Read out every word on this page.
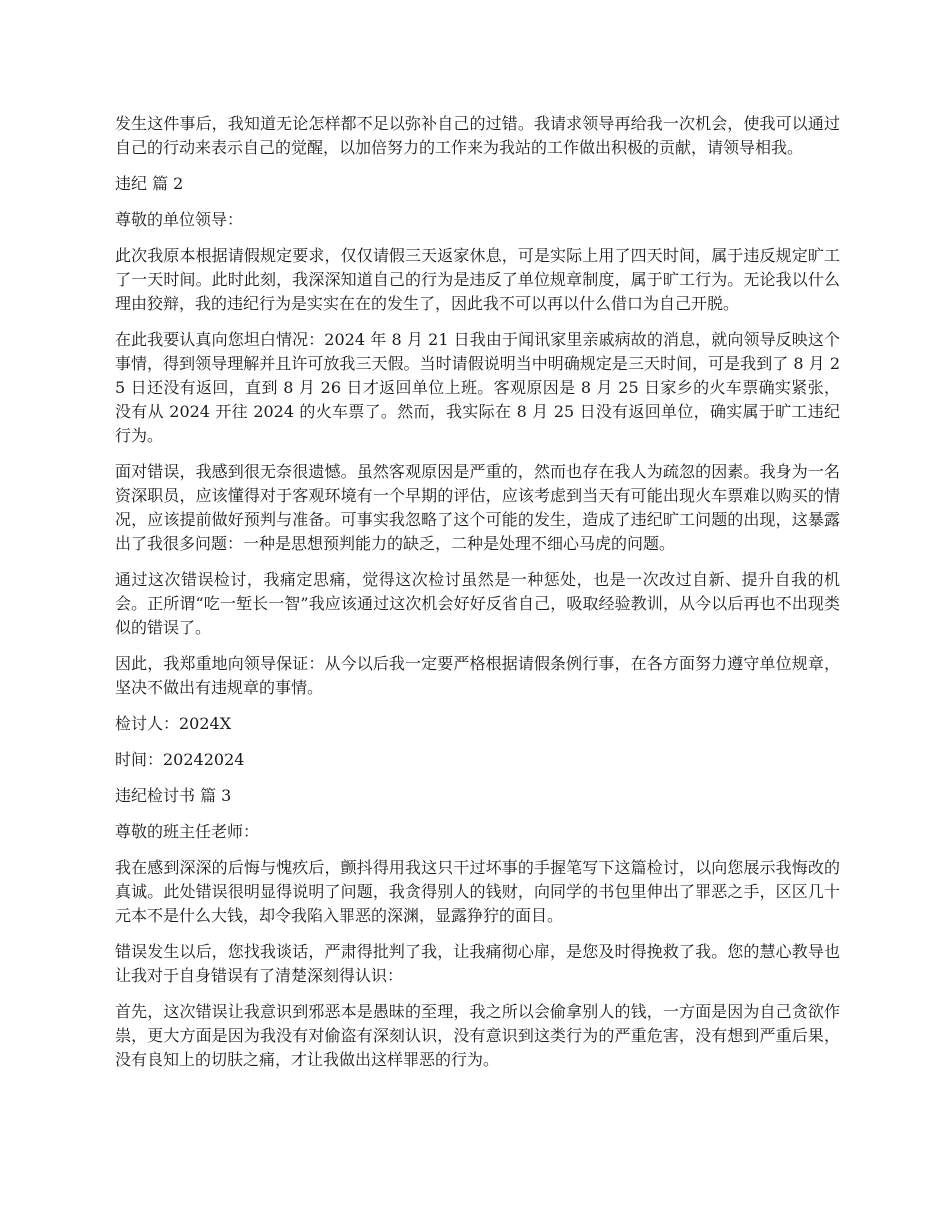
发生这件事后，我知道无论怎样都不足以弥补自己的过错。我请求领导再给我一次机会，使我可以通过自己的行动来表示自己的觉醒，以加倍努力的工作来为我站的工作做出积极的贡献，请领导相我。

违纪 篇 2

尊敬的单位领导：

此次我原本根据请假规定要求，仅仅请假三天返家休息，可是实际上用了四天时间，属于违反规定旷工了一天时间。此时此刻，我深深知道自己的行为是违反了单位规章制度，属于旷工行为。无论我以什么理由狡辩，我的违纪行为是实实在在的发生了，因此我不可以再以什么借口为自己开脱。

在此我要认真向您坦白情况：2024 年 8 月 21 日我由于闻讯家里亲戚病故的消息，就向领导反映这个事情，得到领导理解并且许可放我三天假。当时请假说明当中明确规定是三天时间，可是我到了 8 月 25 日还没有返回，直到 8 月 26 日才返回单位上班。客观原因是 8 月 25 日家乡的火车票确实紧张，没有从 2024 开往 2024 的火车票了。然而，我实际在 8 月 25 日没有返回单位，确实属于旷工违纪行为。

面对错误，我感到很无奈很遗憾。虽然客观原因是严重的，然而也存在我人为疏忽的因素。我身为一名资深职员，应该懂得对于客观环境有一个早期的评估，应该考虑到当天有可能出现火车票难以购买的情况，应该提前做好预判与准备。可事实我忽略了这个可能的发生，造成了违纪旷工问题的出现，这暴露出了我很多问题：一种是思想预判能力的缺乏，二种是处理不细心马虎的问题。

通过这次错误检讨，我痛定思痛，觉得这次检讨虽然是一种惩处，也是一次改过自新、提升自我的机会。正所谓“吃一堑长一智”我应该通过这次机会好好反省自己，吸取经验教训，从今以后再也不出现类似的错误了。

因此，我郑重地向领导保证：从今以后我一定要严格根据请假条例行事，在各方面努力遵守单位规章，坚决不做出有违规章的事情。

检讨人：2024X

时间：20242024

违纪检讨书 篇 3

尊敬的班主任老师：

我在感到深深的后悔与愧疚后，颤抖得用我这只干过坏事的手握笔写下这篇检讨，以向您展示我悔改的真诚。此处错误很明显得说明了问题，我贪得别人的钱财，向同学的书包里伸出了罪恶之手，区区几十元本不是什么大钱，却令我陷入罪恶的深渊，显露狰狞的面目。

错误发生以后，您找我谈话，严肃得批判了我，让我痛彻心扉，是您及时得挽救了我。您的慧心教导也让我对于自身错误有了清楚深刻得认识：

首先，这次错误让我意识到邪恶本是愚昧的至理，我之所以会偷拿别人的钱，一方面是因为自己贪欲作祟，更大方面是因为我没有对偷盗有深刻认识，没有意识到这类行为的严重危害，没有想到严重后果，没有良知上的切肤之痛，才让我做出这样罪恶的行为。
